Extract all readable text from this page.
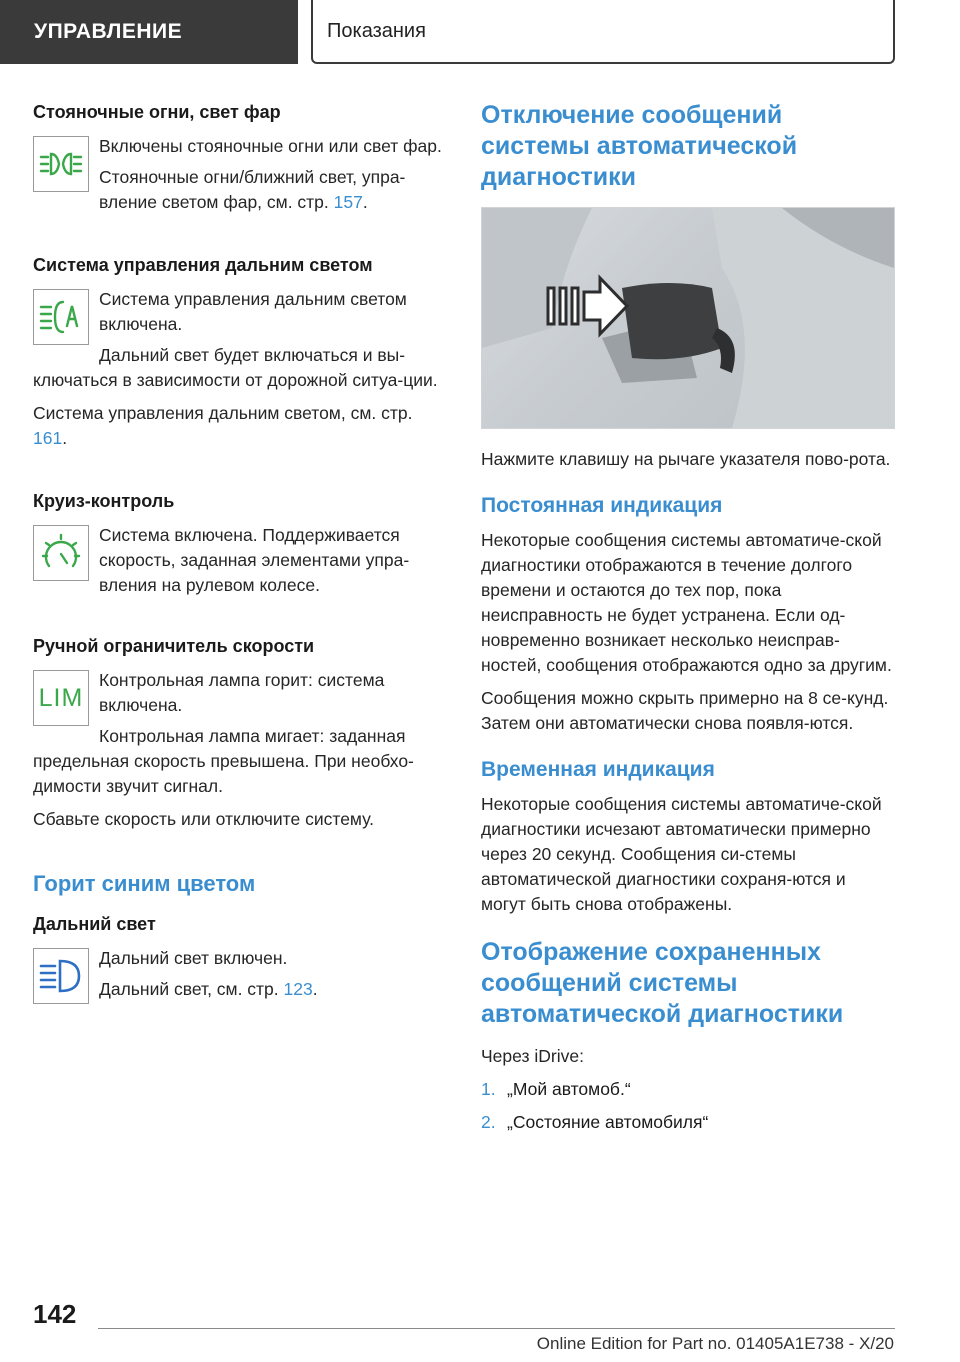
УПРАВЛЕНИЕ	Показания
Стояночные огни, свет фар

Включены стояночные огни или свет фар.

Стояночные огни/ближний свет, упра‐вление светом фар, см. стр. 157.

Система управления дальним светом

Система управления дальним светом включена.

Дальний свет будет включаться и вы‐ключаться в зависимости от дорожной ситуа‐ции.

Система управления дальним светом, см. стр. 161.

Круиз-контроль

Система включена. Поддерживается скорость, заданная элементами упра‐вления на рулевом колесе.

Ручной ограничитель скорости
LIM

Контрольная лампа горит: система включена.

Контрольная лампа мигает: заданная предельная скорость превышена. При необхо‐димости звучит сигнал.

Сбавьте скорость или отключите систему.

Горит синим цветом
Дальний свет

Дальний свет включен.

Дальний свет, см. стр. 123.

Отключение сообщений системы автоматической диагностики

Нажмите клавишу на рычаге указателя пово‐рота.

Постоянная индикация

Некоторые сообщения системы автоматиче‐ской диагностики отображаются в течение долгого времени и остаются до тех пор, пока неисправность не будет устранена. Если од‐новременно возникает несколько неисправ‐ностей, сообщения отображаются одно за другим.

Сообщения можно скрыть примерно на 8 се‐кунд. Затем они автоматически снова появля‐ются.

Временная индикация

Некоторые сообщения системы автоматиче‐ской диагностики исчезают автоматически примерно через 20 секунд. Сообщения си‐стемы автоматической диагностики сохраня‐ются и могут быть снова отображены.

Отображение сохраненных сообщений системы автоматической диагностики

Через iDrive:

1. „Мой автомоб.“
2. „Состояние автомобиля“
142
Online Edition for Part no. 01405A1E738 - X/20
